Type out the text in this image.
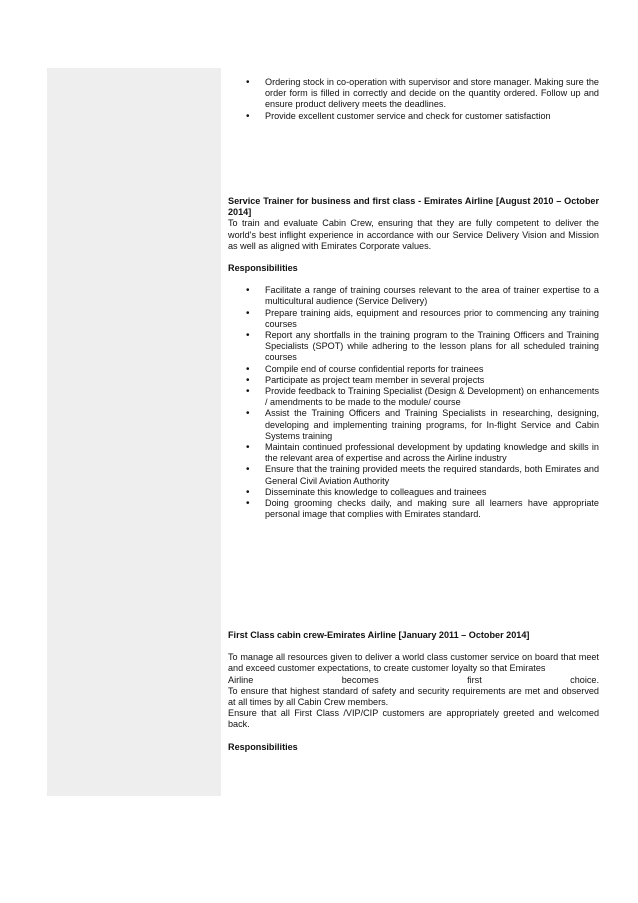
• Ordering stock in co-operation with supervisor and store manager. Making sure the order form is filled in correctly and decide on the quantity ordered. Follow up and ensure product delivery meets the deadlines.
• Provide excellent customer service and check for customer satisfaction

Service Trainer for business and first class - Emirates Airline [August 2010 – October 2014]

To train and evaluate Cabin Crew, ensuring that they are fully competent to deliver the world's best inflight experience in accordance with our Service Delivery Vision and Mission as well as aligned with Emirates Corporate values.

Responsibilities

• Facilitate a range of training courses relevant to the area of trainer expertise to a multicultural audience (Service Delivery)
• Prepare training aids, equipment and resources prior to commencing any training courses
• Report any shortfalls in the training program to the Training Officers and Training Specialists (SPOT) while adhering to the lesson plans for all scheduled training courses
• Compile end of course confidential reports for trainees
• Participate as project team member in several projects
• Provide feedback to Training Specialist (Design & Development) on enhancements / amendments to be made to the module/ course
• Assist the Training Officers and Training Specialists in researching, designing, developing and implementing training programs, for In-flight Service and Cabin Systems training
• Maintain continued professional development by updating knowledge and skills in the relevant area of expertise and across the Airline industry
• Ensure that the training provided meets the required standards, both Emirates and General Civil Aviation Authority
• Disseminate this knowledge to colleagues and trainees
• Doing grooming checks daily, and making sure all learners have appropriate personal image that complies with Emirates standard.

First Class cabin crew-Emirates Airline [January 2011 – October 2014]

To manage all resources given to deliver a world class customer service on board that meet and exceed customer expectations, to create customer loyalty so that Emirates

Airline becomes first choice.

To ensure that highest standard of safety and security requirements are met and observed at all times by all Cabin Crew members.

Ensure that all First Class /VIP/CIP customers are appropriately greeted and welcomed back.

Responsibilities
